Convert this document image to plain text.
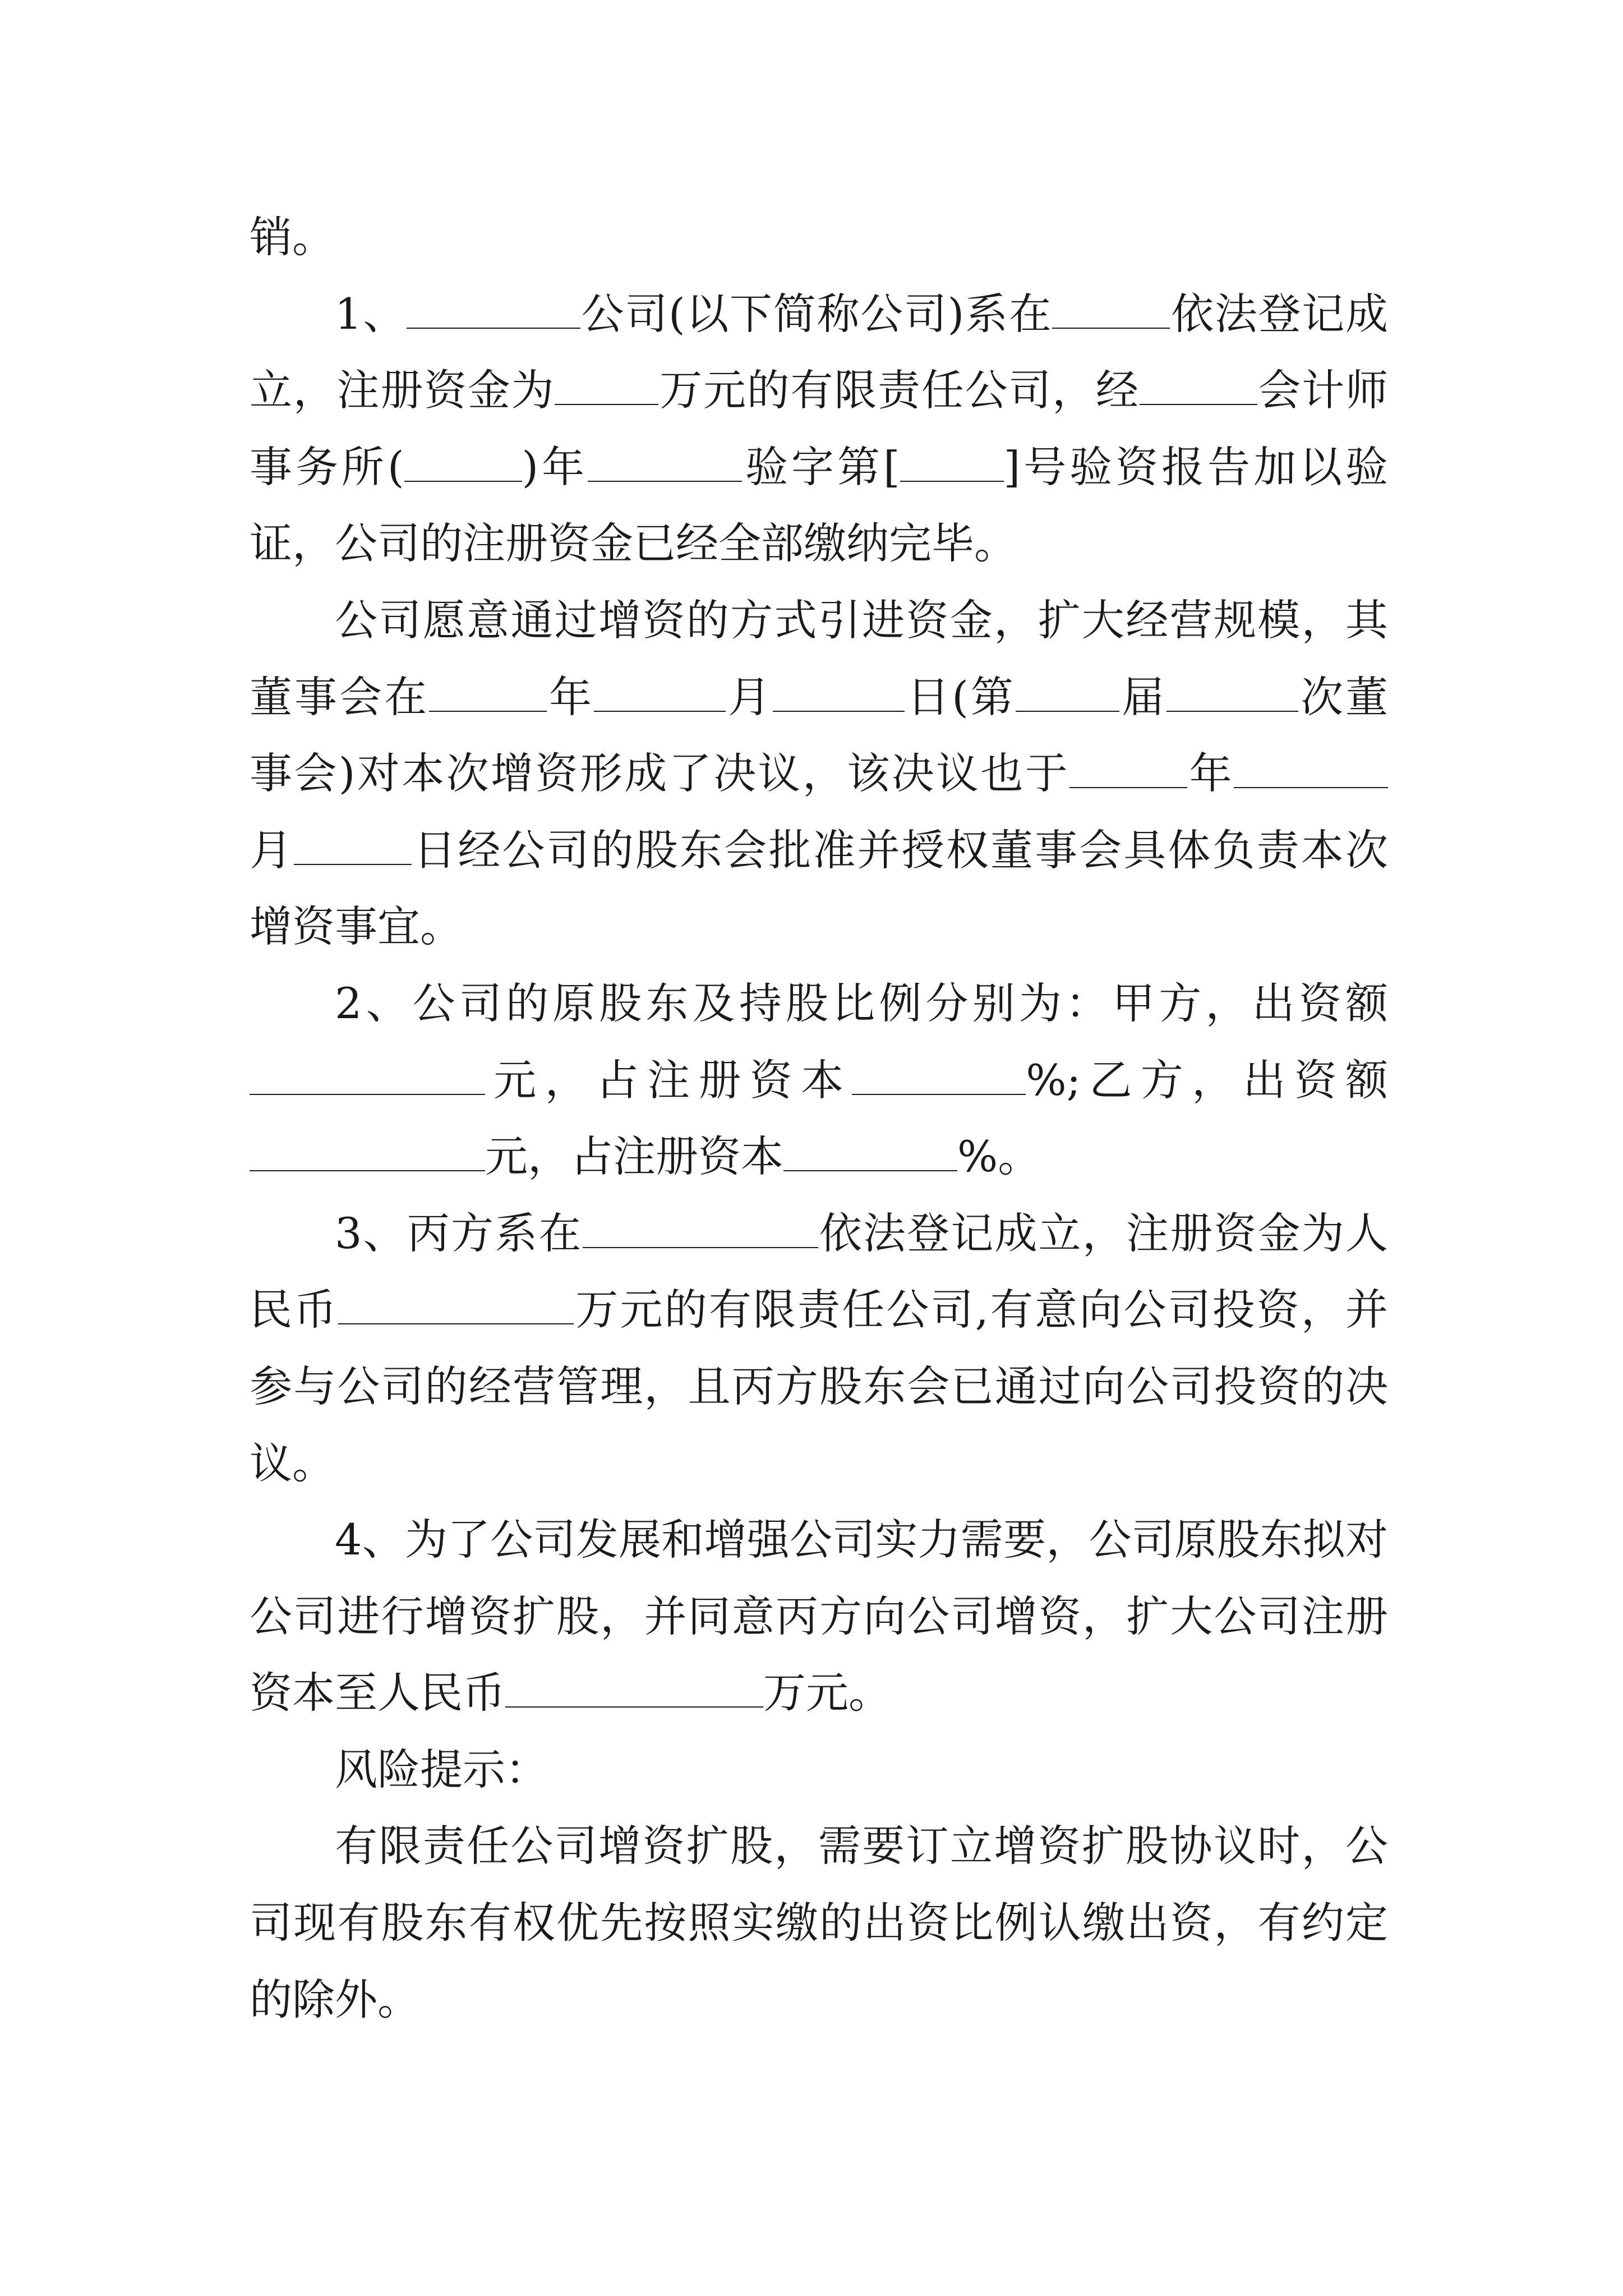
销。

1、	公司(以下简称公司)系在	依法登记成立，注册资金为 万元的有限责任公司，经	会计师事务所(	)年	验字第[ ]号验资报告加以验证，公司的注册资金已经全部缴纳完毕。

公司愿意通过增资的方式引进资金，扩大经营规模，其董事会在	年	月	日(第 届	次董事会)对本次增资形成了决议，该决议也于	年月	日经公司的股东会批准并授权董事会具体负责本次增资事宜。

2、公司的原股东及持股比例分别为：甲方，出资额元，占注册资本	%;乙方，出资额元，占注册资本	%。

3、丙方系在	依法登记成立，注册资金为人民币	万元的有限责任公司,有意向公司投资，并参与公司的经营管理，且丙方股东会已通过向公司投资的决议。

4、为了公司发展和增强公司实力需要，公司原股东拟对公司进行增资扩股，并同意丙方向公司增资，扩大公司注册资本至人民币	万元。

风险提示：

有限责任公司增资扩股，需要订立增资扩股协议时，公司现有股东有权优先按照实缴的出资比例认缴出资，有约定的除外。
